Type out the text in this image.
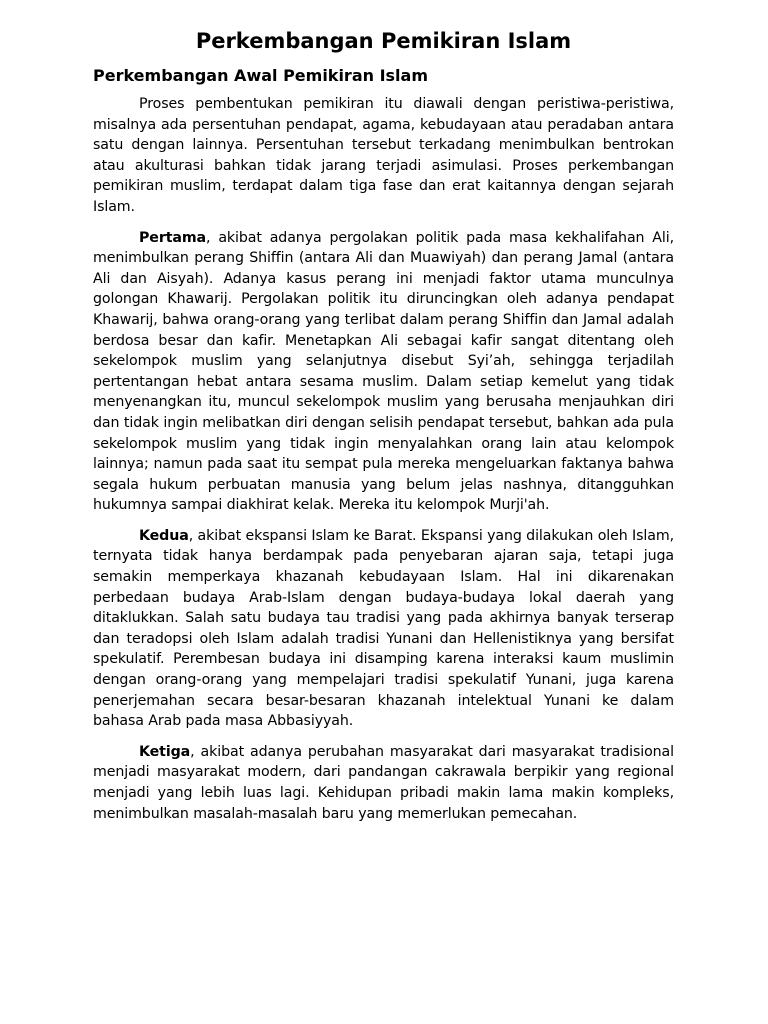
Perkembangan Pemikiran Islam
Perkembangan Awal Pemikiran Islam

Proses pembentukan pemikiran itu diawali dengan peristiwa-peristiwa, misalnya ada persentuhan pendapat, agama, kebudayaan atau peradaban antara satu dengan lainnya. Persentuhan tersebut terkadang menimbulkan bentrokan atau akulturasi bahkan tidak jarang terjadi asimulasi. Proses perkembangan pemikiran muslim, terdapat dalam tiga fase dan erat kaitannya dengan sejarah Islam.

Pertama, akibat adanya pergolakan politik pada masa kekhalifahan Ali, menimbulkan perang Shiffin (antara Ali dan Muawiyah) dan perang Jamal (antara Ali dan Aisyah). Adanya kasus perang ini menjadi faktor utama munculnya golongan Khawarij. Pergolakan politik itu diruncingkan oleh adanya pendapat Khawarij, bahwa orang-orang yang terlibat dalam perang Shiffin dan Jamal adalah berdosa besar dan kafir. Menetapkan Ali sebagai kafir sangat ditentang oleh sekelompok muslim yang selanjutnya disebut Syi’ah, sehingga terjadilah pertentangan hebat antara sesama muslim. Dalam setiap kemelut yang tidak menyenangkan itu, muncul sekelompok muslim yang berusaha menjauhkan diri dan tidak ingin melibatkan diri dengan selisih pendapat tersebut, bahkan ada pula sekelompok muslim yang tidak ingin menyalahkan orang lain atau kelompok lainnya; namun pada saat itu sempat pula mereka mengeluarkan faktanya bahwa segala hukum perbuatan manusia yang belum jelas nashnya, ditangguhkan hukumnya sampai diakhirat kelak. Mereka itu kelompok Murji'ah.

Kedua, akibat ekspansi Islam ke Barat. Ekspansi yang dilakukan oleh Islam, ternyata tidak hanya berdampak pada penyebaran ajaran saja, tetapi juga semakin memperkaya khazanah kebudayaan Islam. Hal ini dikarenakan perbedaan budaya Arab-Islam dengan budaya-budaya lokal daerah yang ditaklukkan. Salah satu budaya tau tradisi yang pada akhirnya banyak terserap dan teradopsi oleh Islam adalah tradisi Yunani dan Hellenistiknya yang bersifat spekulatif. Perembesan budaya ini disamping karena interaksi kaum muslimin dengan orang-orang yang mempelajari tradisi spekulatif Yunani, juga karena penerjemahan secara besar-besaran khazanah intelektual Yunani ke dalam bahasa Arab pada masa Abbasiyyah.

Ketiga, akibat adanya perubahan masyarakat dari masyarakat tradisional menjadi masyarakat modern, dari pandangan cakrawala berpikir yang regional menjadi yang lebih luas lagi. Kehidupan pribadi makin lama makin kompleks, menimbulkan masalah-masalah baru yang memerlukan pemecahan.
